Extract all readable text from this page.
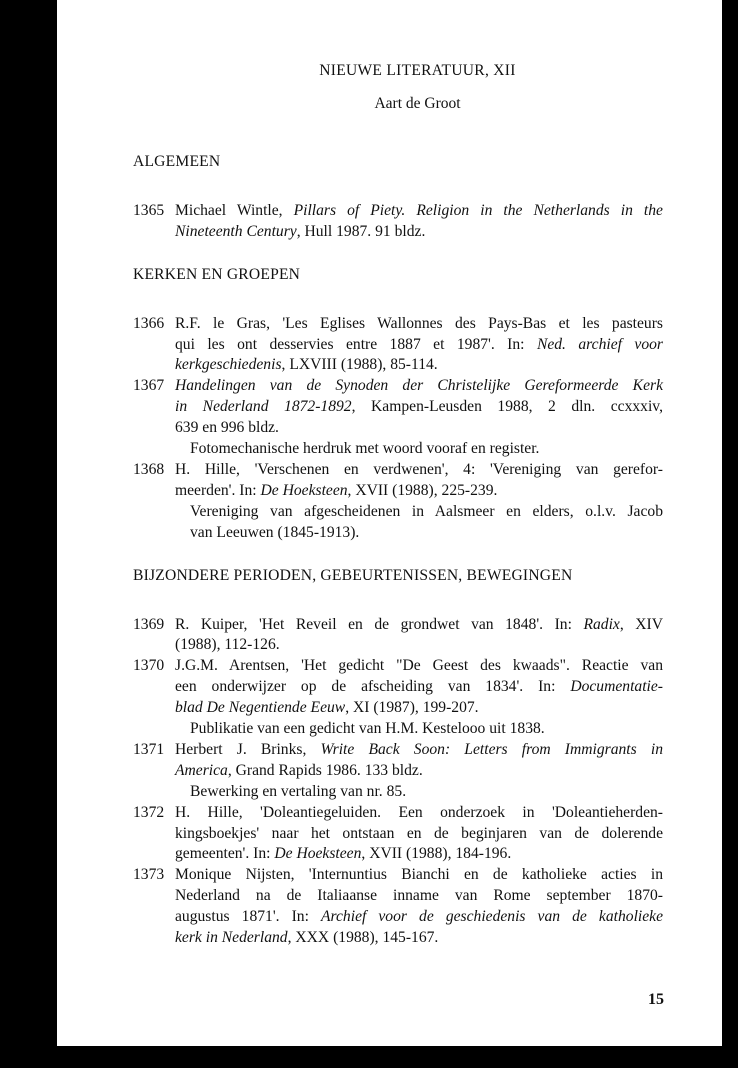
NIEUWE LITERATUUR, XII
Aart de Groot
ALGEMEEN
1365 Michael Wintle, Pillars of Piety. Religion in the Netherlands in the
Nineteenth Century, Hull 1987. 91 bldz.
KERKEN EN GROEPEN
1366 R.F. le Gras, 'Les Eglises Wallonnes des Pays-Bas et les pasteurs
qui les ont desservies entre 1887 et 1987'. In: Ned. archief voor
kerkgeschiedenis, LXVIII (1988), 85-114.
1367 Handelingen van de Synoden der Christelijke Gereformeerde Kerk
in Nederland 1872-1892, Kampen-Leusden 1988, 2 dln. ccxxxiv,
639 en 996 bldz.
Fotomechanische herdruk met woord vooraf en register.
1368 H. Hille, 'Verschenen en verdwenen', 4: 'Vereniging van gerefor-
meerden'. In: De Hoeksteen, XVII (1988), 225-239.
Vereniging van afgescheidenen in Aalsmeer en elders, o.l.v. Jacob
van Leeuwen (1845-1913).
BIJZONDERE PERIODEN, GEBEURTENISSEN, BEWEGINGEN
1369 R. Kuiper, 'Het Reveil en de grondwet van 1848'. In: Radix, XIV
(1988), 112-126.
1370 J.G.M. Arentsen, 'Het gedicht "De Geest des kwaads". Reactie van
een onderwijzer op de afscheiding van 1834'. In: Documentatie-
blad De Negentiende Eeuw, XI (1987), 199-207.
Publikatie van een gedicht van H.M. Kestelooo uit 1838.
1371 Herbert J. Brinks, Write Back Soon: Letters from Immigrants in
America, Grand Rapids 1986. 133 bldz.
Bewerking en vertaling van nr. 85.
1372 H. Hille, 'Doleantiegeluiden. Een onderzoek in 'Doleantieherden-
kingsboekjes' naar het ontstaan en de beginjaren van de dolerende
gemeenten'. In: De Hoeksteen, XVII (1988), 184-196.
1373 Monique Nijsten, 'Internuntius Bianchi en de katholieke acties in
Nederland na de Italiaanse inname van Rome september 1870-
augustus 1871'. In: Archief voor de geschiedenis van de katholieke
kerk in Nederland, XXX (1988), 145-167.
15
